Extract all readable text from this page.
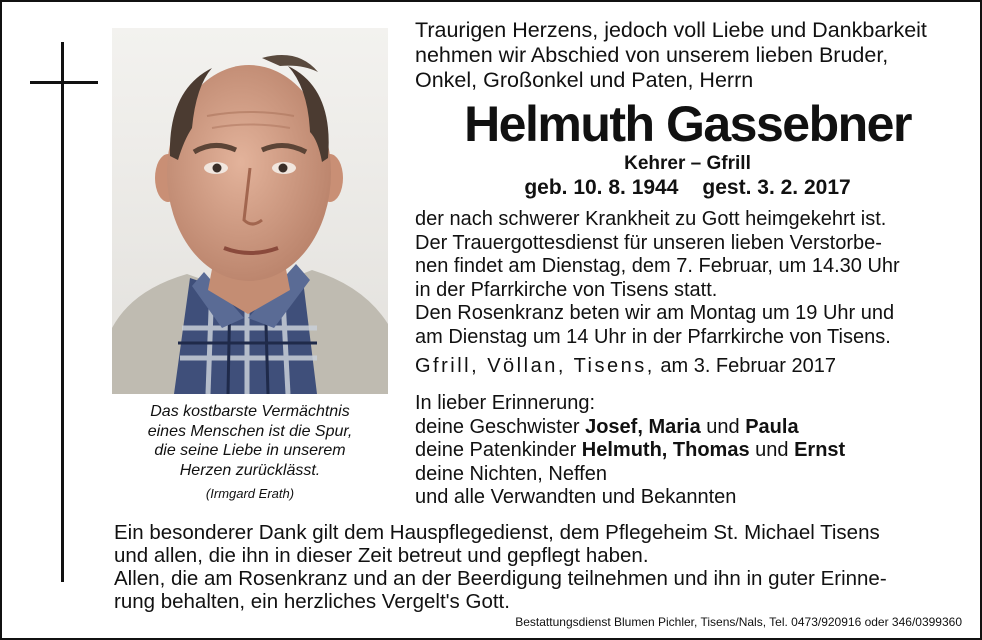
Das kostbarste Vermächtnis
eines Menschen ist die Spur,
die seine Liebe in unserem
Herzen zurücklässt.
(Irmgard Erath)
Traurigen Herzens, jedoch voll Liebe und Dankbarkeit
nehmen wir Abschied von unserem lieben Bruder,
Onkel, Großonkel und Paten, Herrn
Helmuth Gassebner
Kehrer – Gfrill
geb. 10. 8. 1944 gest. 3. 2. 2017
der nach schwerer Krankheit zu Gott heimgekehrt ist.
Der Trauergottesdienst für unseren lieben Verstorbe-
nen findet am Dienstag, dem 7. Februar, um 14.30 Uhr
in der Pfarrkirche von Tisens statt.
Den Rosenkranz beten wir am Montag um 19 Uhr und
am Dienstag um 14 Uhr in der Pfarrkirche von Tisens.
Gfrill, Völlan, Tisens, am 3. Februar 2017
In lieber Erinnerung:
deine Geschwister Josef, Maria und Paula
deine Patenkinder Helmuth, Thomas und Ernst
deine Nichten, Neffen
und alle Verwandten und Bekannten
Ein besonderer Dank gilt dem Hauspflegedienst, dem Pflegeheim St. Michael Tisens
und allen, die ihn in dieser Zeit betreut und gepflegt haben.
Allen, die am Rosenkranz und an der Beerdigung teilnehmen und ihn in guter Erinne-
rung behalten, ein herzliches Vergelt's Gott.
Bestattungsdienst Blumen Pichler, Tisens/Nals, Tel. 0473/920916 oder 346/0399360
